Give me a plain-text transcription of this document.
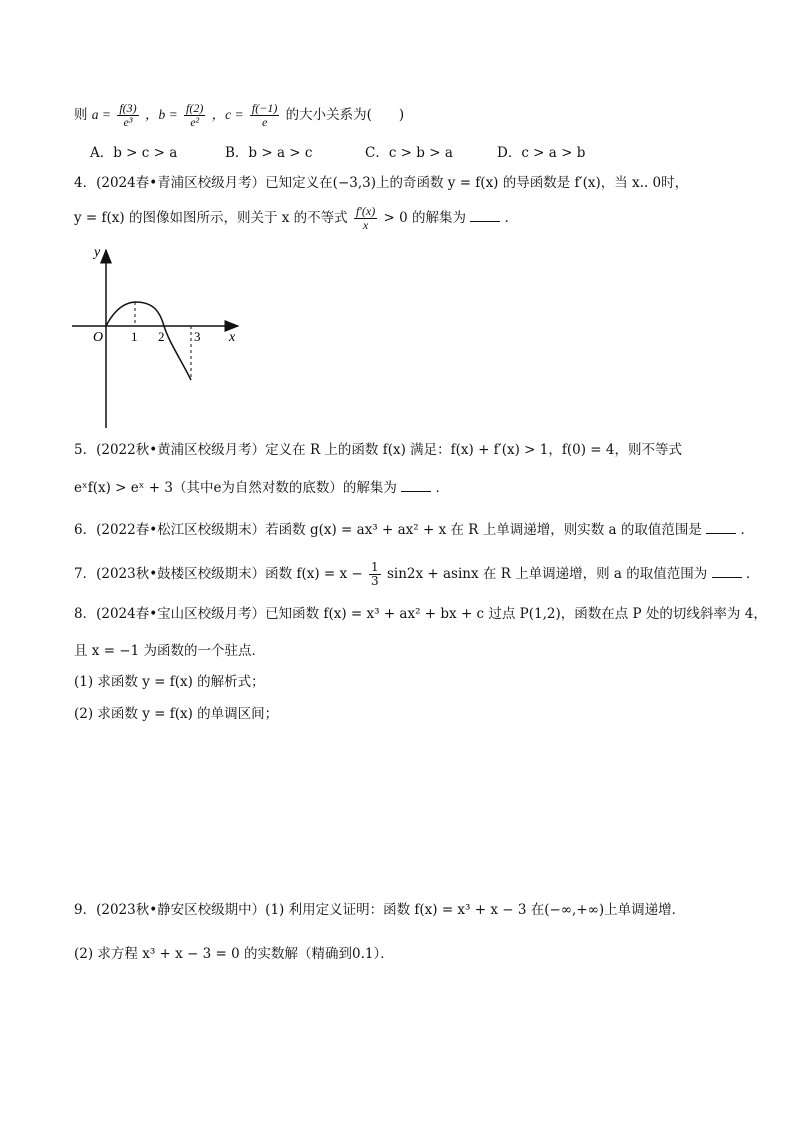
则 $a = \frac{f(3)}{\text{e³}}$ ，$b = \frac{f(2)}{\text{e²}}$ ，$c = \frac{f(-1)}{e}$ 的大小关系为(　　)
A．b > c > a	B．b > a > c	C．c > b > a	D．c > a > b
4．(2024春•青浦区校级月考）已知定义在(−3,3)上的奇函数 y = f(x) 的导函数是 f′(x)，当 x.. 0时，
y = f(x) 的图像如图所示，则关于 x 的不等式 $\frac{f'(x)}{x} > 0$ 的解集为	．
y
x
O 1 2 3
5．(2022秋•黄浦区校级月考）定义在 R 上的函数 f(x) 满足：f(x) + f′(x) > 1，f(0) = 4，则不等式
eˣf(x) > eˣ + 3（其中e为自然对数的底数）的解集为	．
6．(2022春•松江区校级期末）若函数 g(x) = ax³ + ax² + x 在 R 上单调递增，则实数 a 的取值范围是	．
7．(2023秋•鼓楼区校级期末）函数 $f(x) = x - \frac{1}{3} \sin 2x + asinx$ 在 R 上单调递增，则 a 的取值范围为	．
8．(2024春•宝山区校级月考）已知函数 f(x) = x³ + ax² + bx + c 过点 P(1,2)，函数在点 P 处的切线斜率为 4，
且 x = −1 为函数的一个驻点．
(1) 求函数 y = f(x) 的解析式；
(2) 求函数 y = f(x) 的单调区间；
9．(2023秋•静安区校级期中）(1) 利用定义证明：函数 f(x) = x³ + x − 3 在(−∞,+∞)上单调递增．
(2) 求方程 x³ + x − 3 = 0 的实数解（精确到0.1）．
